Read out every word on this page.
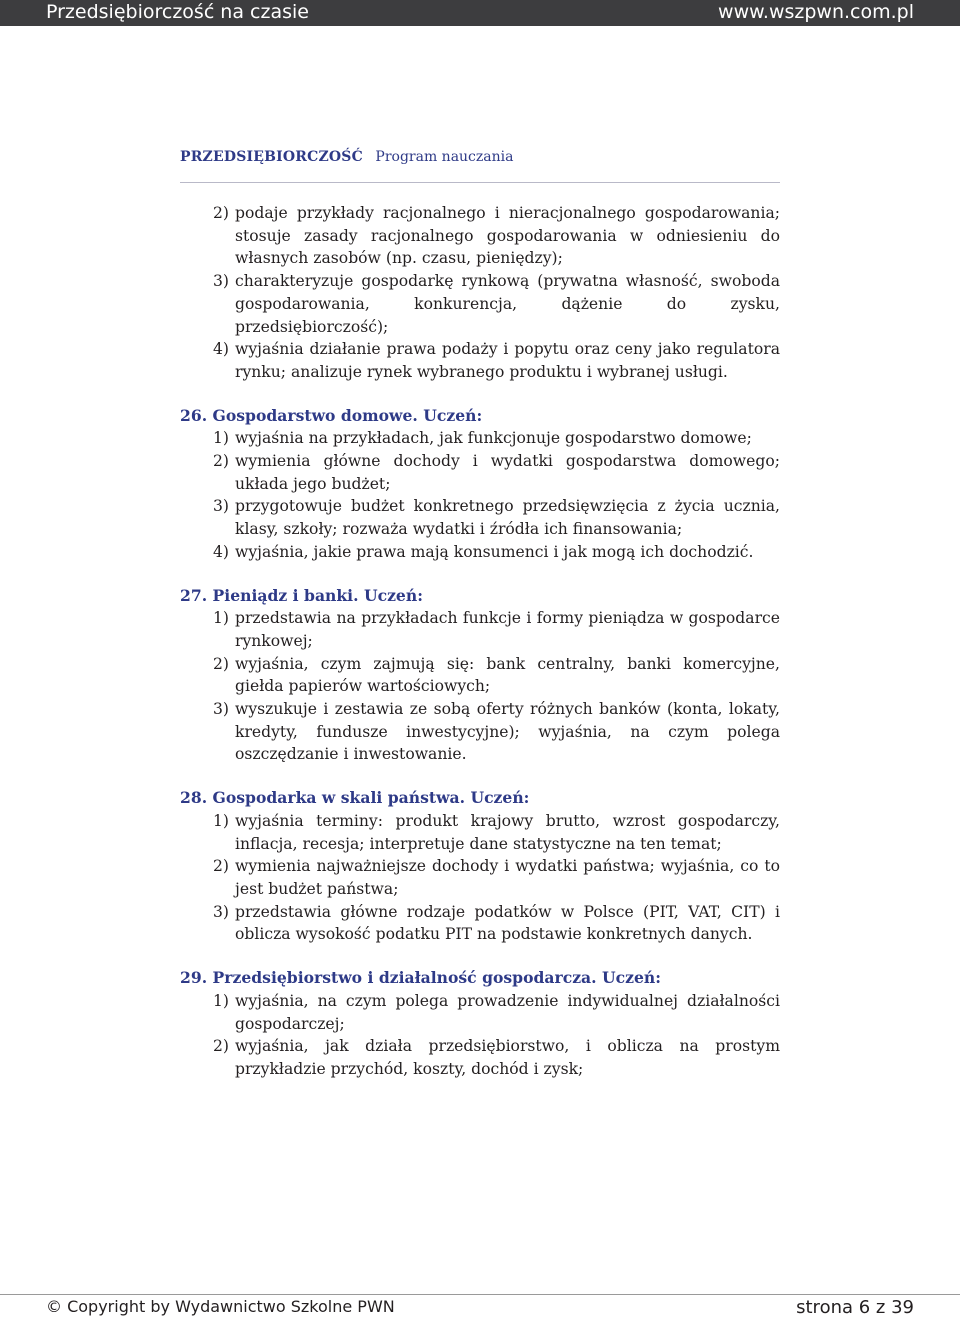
Przedsiębiorczość na czasie	www.wszpwn.com.pl
PRZEDSIĘBIORCZOŚĆ Program nauczania
2) podaje przykłady racjonalnego i nieracjonalnego gospodarowania; stosuje zasady racjonalnego gospodarowania w odniesieniu do własnych zasobów (np. czasu, pieniędzy);
3) charakteryzuje gospodarkę rynkową (prywatna własność, swoboda gospodarowania, konkurencja, dążenie do zysku, przedsiębiorczość);
4) wyjaśnia działanie prawa podaży i popytu oraz ceny jako regulatora rynku; analizuje rynek wybranego produktu i wybranej usługi.
26. Gospodarstwo domowe. Uczeń:
1) wyjaśnia na przykładach, jak funkcjonuje gospodarstwo domowe;
2) wymienia główne dochody i wydatki gospodarstwa domowego; układa jego budżet;
3) przygotowuje budżet konkretnego przedsięwzięcia z życia ucznia, klasy, szkoły; rozważa wydatki i źródła ich finansowania;
4) wyjaśnia, jakie prawa mają konsumenci i jak mogą ich dochodzić.
27. Pieniądz i banki. Uczeń:
1) przedstawia na przykładach funkcje i formy pieniądza w gospodarce rynkowej;
2) wyjaśnia, czym zajmują się: bank centralny, banki komercyjne, giełda papierów wartościowych;
3) wyszukuje i zestawia ze sobą oferty różnych banków (konta, lokaty, kredyty, fundusze inwestycyjne); wyjaśnia, na czym polega oszczędzanie i inwestowanie.
28. Gospodarka w skali państwa. Uczeń:
1) wyjaśnia terminy: produkt krajowy brutto, wzrost gospodarczy, inflacja, recesja; interpretuje dane statystyczne na ten temat;
2) wymienia najważniejsze dochody i wydatki państwa; wyjaśnia, co to jest budżet państwa;
3) przedstawia główne rodzaje podatków w Polsce (PIT, VAT, CIT) i oblicza wysokość podatku PIT na podstawie konkretnych danych.
29. Przedsiębiorstwo i działalność gospodarcza. Uczeń:
1) wyjaśnia, na czym polega prowadzenie indywidualnej działalności gospodarczej;
2) wyjaśnia, jak działa przedsiębiorstwo, i oblicza na prostym przykładzie przychód, koszty, dochód i zysk;
© Copyright by Wydawnictwo Szkolne PWN	strona 6 z 39
